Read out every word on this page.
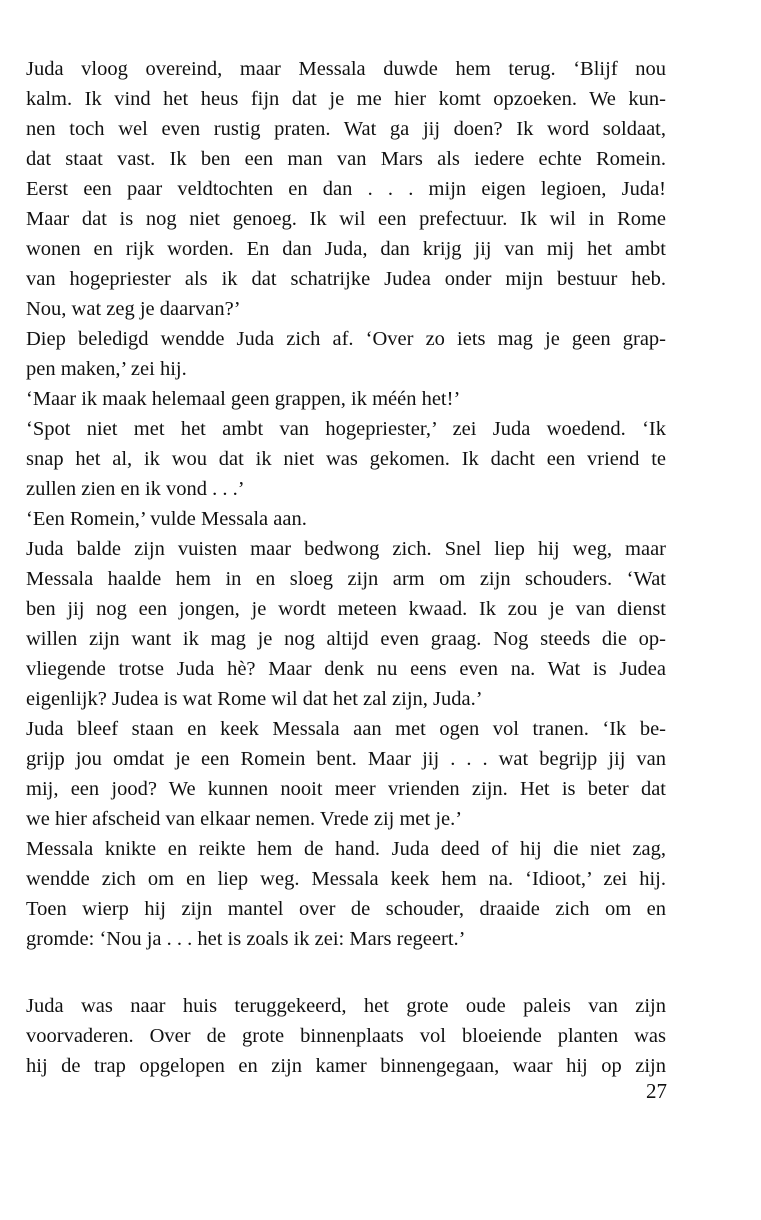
Juda vloog overeind, maar Messala duwde hem terug. ‘Blijf nou
kalm. Ik vind het heus fijn dat je me hier komt opzoeken. We kun-
nen toch wel even rustig praten. Wat ga jij doen? Ik word soldaat,
dat staat vast. Ik ben een man van Mars als iedere echte Romein.
Eerst een paar veldtochten en dan . . . mijn eigen legioen, Juda!
Maar dat is nog niet genoeg. Ik wil een prefectuur. Ik wil in Rome
wonen en rijk worden. En dan Juda, dan krijg jij van mij het ambt
van hogepriester als ik dat schatrijke Judea onder mijn bestuur heb.
Nou, wat zeg je daarvan?’
Diep beledigd wendde Juda zich af. ‘Over zo iets mag je geen grap-
pen maken,’ zei hij.
‘Maar ik maak helemaal geen grappen, ik méén het!’
‘Spot niet met het ambt van hogepriester,’ zei Juda woedend. ‘Ik
snap het al, ik wou dat ik niet was gekomen. Ik dacht een vriend te
zullen zien en ik vond . . .’
‘Een Romein,’ vulde Messala aan.
Juda balde zijn vuisten maar bedwong zich. Snel liep hij weg, maar
Messala haalde hem in en sloeg zijn arm om zijn schouders. ‘Wat
ben jij nog een jongen, je wordt meteen kwaad. Ik zou je van dienst
willen zijn want ik mag je nog altijd even graag. Nog steeds die op-
vliegende trotse Juda hè? Maar denk nu eens even na. Wat is Judea
eigenlijk? Judea is wat Rome wil dat het zal zijn, Juda.’
Juda bleef staan en keek Messala aan met ogen vol tranen. ‘Ik be-
grijp jou omdat je een Romein bent. Maar jij . . . wat begrijp jij van
mij, een jood? We kunnen nooit meer vrienden zijn. Het is beter dat
we hier afscheid van elkaar nemen. Vrede zij met je.’
Messala knikte en reikte hem de hand. Juda deed of hij die niet zag,
wendde zich om en liep weg. Messala keek hem na. ‘Idioot,’ zei hij.
Toen wierp hij zijn mantel over de schouder, draaide zich om en
gromde: ‘Nou ja . . . het is zoals ik zei: Mars regeert.’
Juda was naar huis teruggekeerd, het grote oude paleis van zijn
voorvaderen. Over de grote binnenplaats vol bloeiende planten was
hij de trap opgelopen en zijn kamer binnengegaan, waar hij op zijn
27
